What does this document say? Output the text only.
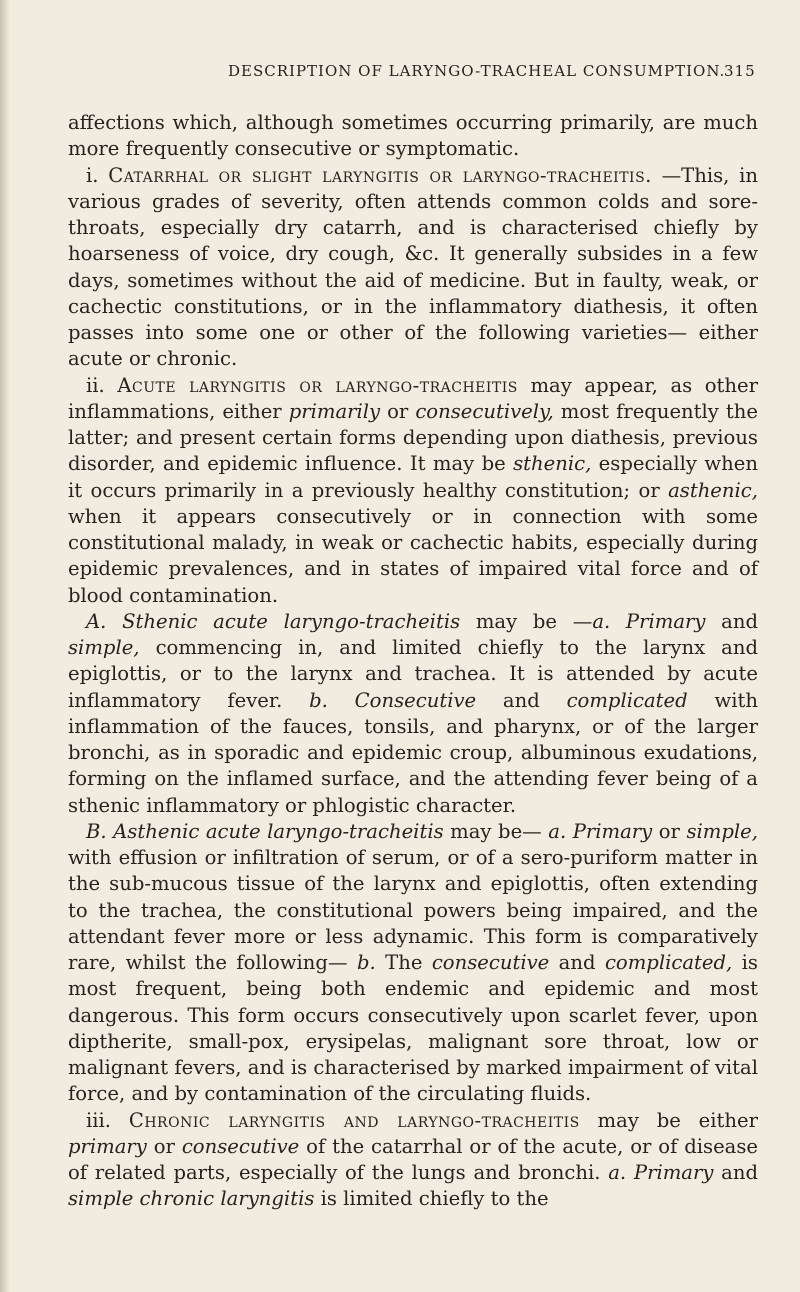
DESCRIPTION OF LARYNGO-TRACHEAL CONSUMPTION.
315

affections which, although sometimes occurring primarily, are much more frequently consecutive or symptomatic.

i. Catarrhal or slight laryngitis or laryngo-tracheitis. —This, in various grades of severity, often attends common colds and sore-throats, especially dry catarrh, and is characterised chiefly by hoarseness of voice, dry cough, &c. It generally subsides in a few days, sometimes without the aid of medicine. But in faulty, weak, or cachectic constitutions, or in the inflammatory diathesis, it often passes into some one or other of the following varieties— either acute or chronic.

ii. Acute laryngitis or laryngo-tracheitis may appear, as other inflammations, either primarily or consecutively, most frequently the latter; and present certain forms depending upon diathesis, previous disorder, and epidemic influence. It may be sthenic, especially when it occurs primarily in a previously healthy constitution; or asthenic, when it appears consecutively or in connection with some constitutional malady, in weak or cachectic habits, especially during epidemic prevalences, and in states of impaired vital force and of blood contamination.

A. Sthenic acute laryngo-tracheitis may be —a. Primary and simple, commencing in, and limited chiefly to the larynx and epiglottis, or to the larynx and trachea. It is attended by acute inflammatory fever. b. Consecutive and complicated with inflammation of the fauces, tonsils, and pharynx, or of the larger bronchi, as in sporadic and epidemic croup, albuminous exudations, forming on the inflamed surface, and the attending fever being of a sthenic inflammatory or phlogistic character.

B. Asthenic acute laryngo-tracheitis may be— a. Primary or simple, with effusion or infiltration of serum, or of a sero-puriform matter in the sub-mucous tissue of the larynx and epiglottis, often extending to the trachea, the constitutional powers being impaired, and the attendant fever more or less adynamic. This form is comparatively rare, whilst the following— b. The consecutive and complicated, is most frequent, being both endemic and epidemic and most dangerous. This form occurs consecutively upon scarlet fever, upon diptherite, small-pox, erysipelas, malignant sore throat, low or malignant fevers, and is characterised by marked impairment of vital force, and by contamination of the circulating fluids.

iii. Chronic laryngitis and laryngo-tracheitis may be either primary or consecutive of the catarrhal or of the acute, or of disease of related parts, especially of the lungs and bronchi. a. Primary and simple chronic laryngitis is limited chiefly to the
